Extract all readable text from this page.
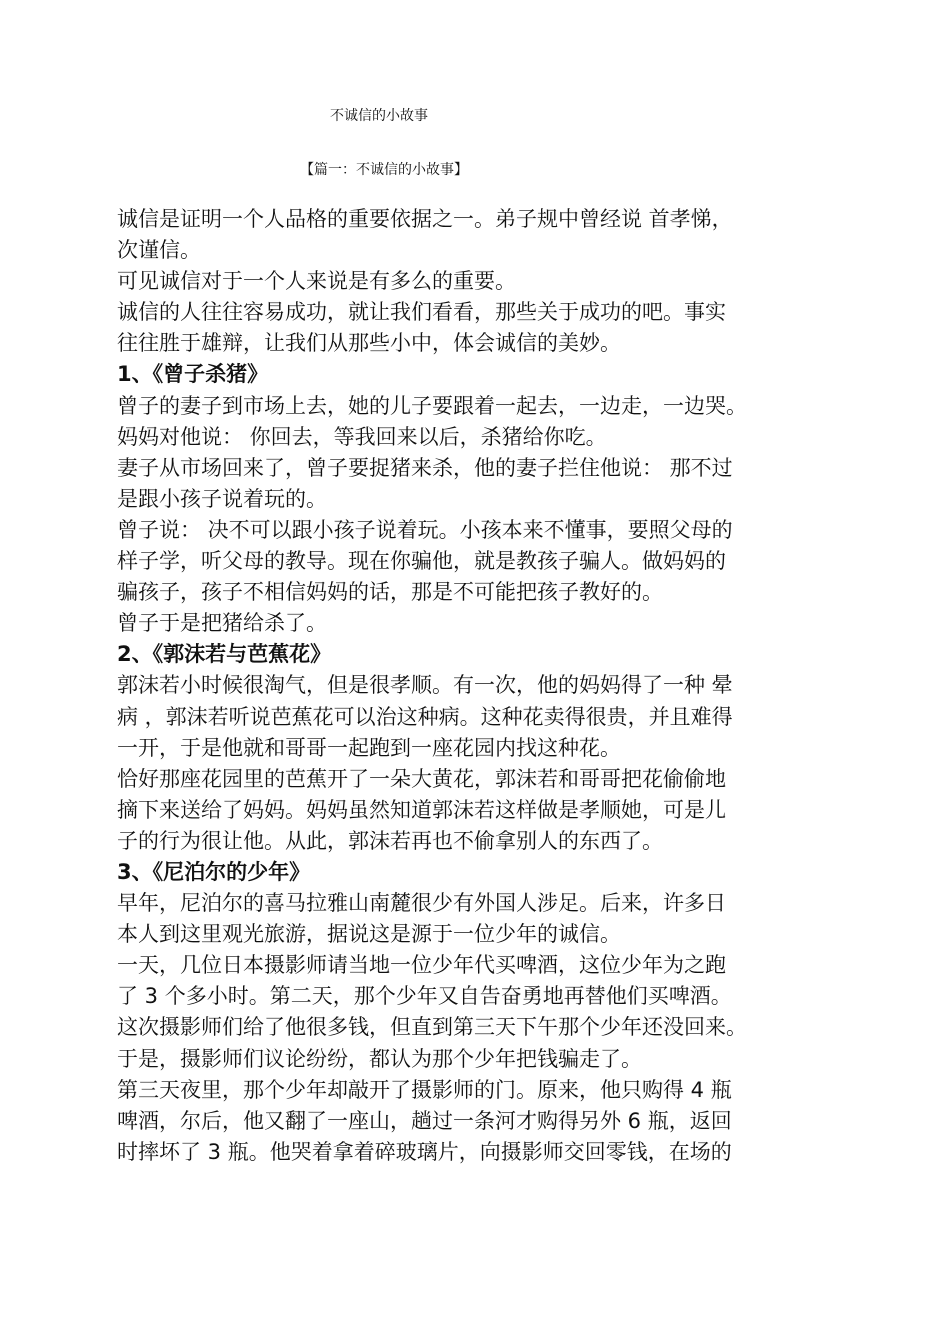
不诚信的小故事

【篇一：不诚信的小故事】

诚信是证明一个人品格的重要依据之一。弟子规中曾经说 首孝悌，
次谨信。
可见诚信对于一个人来说是有多么的重要。
诚信的人往往容易成功，就让我们看看，那些关于成功的吧。事实
往往胜于雄辩，让我们从那些小中，体会诚信的美妙。
1、《曾子杀猪》
曾子的妻子到市场上去，她的儿子要跟着一起去，一边走，一边哭。
妈妈对他说： 你回去，等我回来以后，杀猪给你吃。
妻子从市场回来了，曾子要捉猪来杀，他的妻子拦住他说： 那不过
是跟小孩子说着玩的。
曾子说： 决不可以跟小孩子说着玩。小孩本来不懂事，要照父母的
样子学，听父母的教导。现在你骗他，就是教孩子骗人。做妈妈的
骗孩子，孩子不相信妈妈的话，那是不可能把孩子教好的。
曾子于是把猪给杀了。
2、《郭沫若与芭蕉花》
郭沫若小时候很淘气，但是很孝顺。有一次，他的妈妈得了一种 晕
病 ，郭沫若听说芭蕉花可以治这种病。这种花卖得很贵，并且难得
一开，于是他就和哥哥一起跑到一座花园内找这种花。
恰好那座花园里的芭蕉开了一朵大黄花，郭沫若和哥哥把花偷偷地
摘下来送给了妈妈。妈妈虽然知道郭沫若这样做是孝顺她，可是儿
子的行为很让他。从此，郭沫若再也不偷拿别人的东西了。
3、《尼泊尔的少年》
早年，尼泊尔的喜马拉雅山南麓很少有外国人涉足。后来，许多日
本人到这里观光旅游，据说这是源于一位少年的诚信。
一天，几位日本摄影师请当地一位少年代买啤酒，这位少年为之跑
了 3 个多小时。第二天，那个少年又自告奋勇地再替他们买啤酒。
这次摄影师们给了他很多钱，但直到第三天下午那个少年还没回来。
于是，摄影师们议论纷纷，都认为那个少年把钱骗走了。
第三天夜里，那个少年却敲开了摄影师的门。原来，他只购得 4 瓶
啤酒，尔后，他又翻了一座山，趟过一条河才购得另外 6 瓶，返回
时摔坏了 3 瓶。他哭着拿着碎玻璃片，向摄影师交回零钱，在场的
